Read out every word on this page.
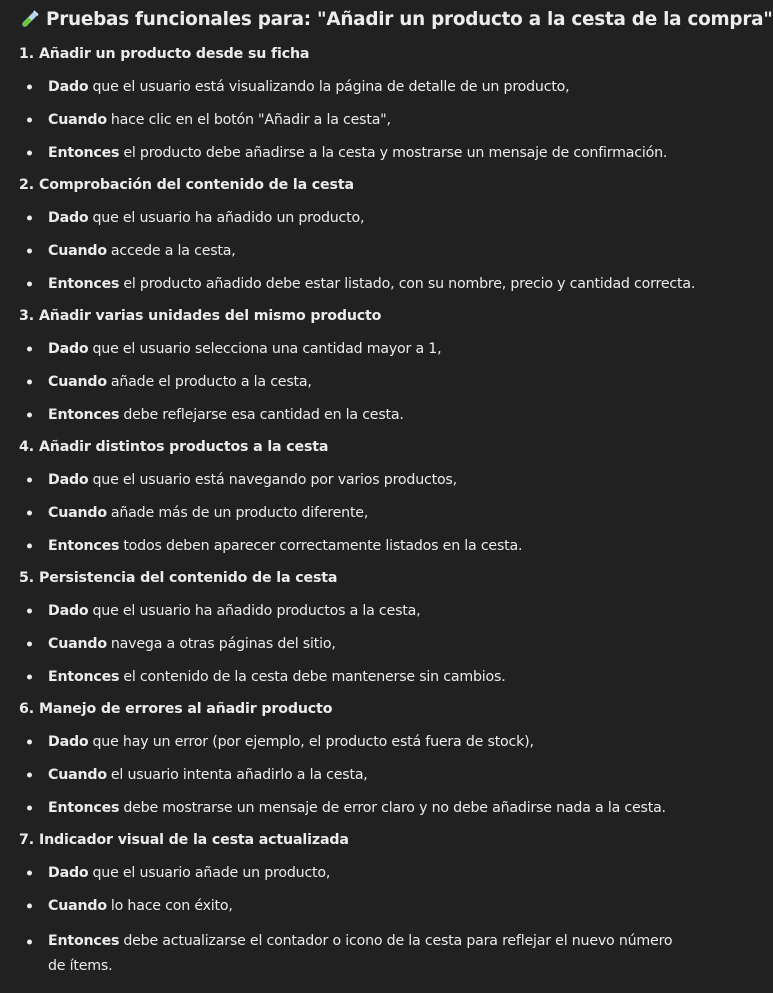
Pruebas funcionales para: "Añadir un producto a la cesta de la compra"
1. Añadir un producto desde su ficha
Dado que el usuario está visualizando la página de detalle de un producto,
Cuando hace clic en el botón "Añadir a la cesta",
Entonces el producto debe añadirse a la cesta y mostrarse un mensaje de confirmación.
2. Comprobación del contenido de la cesta
Dado que el usuario ha añadido un producto,
Cuando accede a la cesta,
Entonces el producto añadido debe estar listado, con su nombre, precio y cantidad correcta.
3. Añadir varias unidades del mismo producto
Dado que el usuario selecciona una cantidad mayor a 1,
Cuando añade el producto a la cesta,
Entonces debe reflejarse esa cantidad en la cesta.
4. Añadir distintos productos a la cesta
Dado que el usuario está navegando por varios productos,
Cuando añade más de un producto diferente,
Entonces todos deben aparecer correctamente listados en la cesta.
5. Persistencia del contenido de la cesta
Dado que el usuario ha añadido productos a la cesta,
Cuando navega a otras páginas del sitio,
Entonces el contenido de la cesta debe mantenerse sin cambios.
6. Manejo de errores al añadir producto
Dado que hay un error (por ejemplo, el producto está fuera de stock),
Cuando el usuario intenta añadirlo a la cesta,
Entonces debe mostrarse un mensaje de error claro y no debe añadirse nada a la cesta.
7. Indicador visual de la cesta actualizada
Dado que el usuario añade un producto,
Cuando lo hace con éxito,
Entonces debe actualizarse el contador o icono de la cesta para reflejar el nuevo número de ítems.
